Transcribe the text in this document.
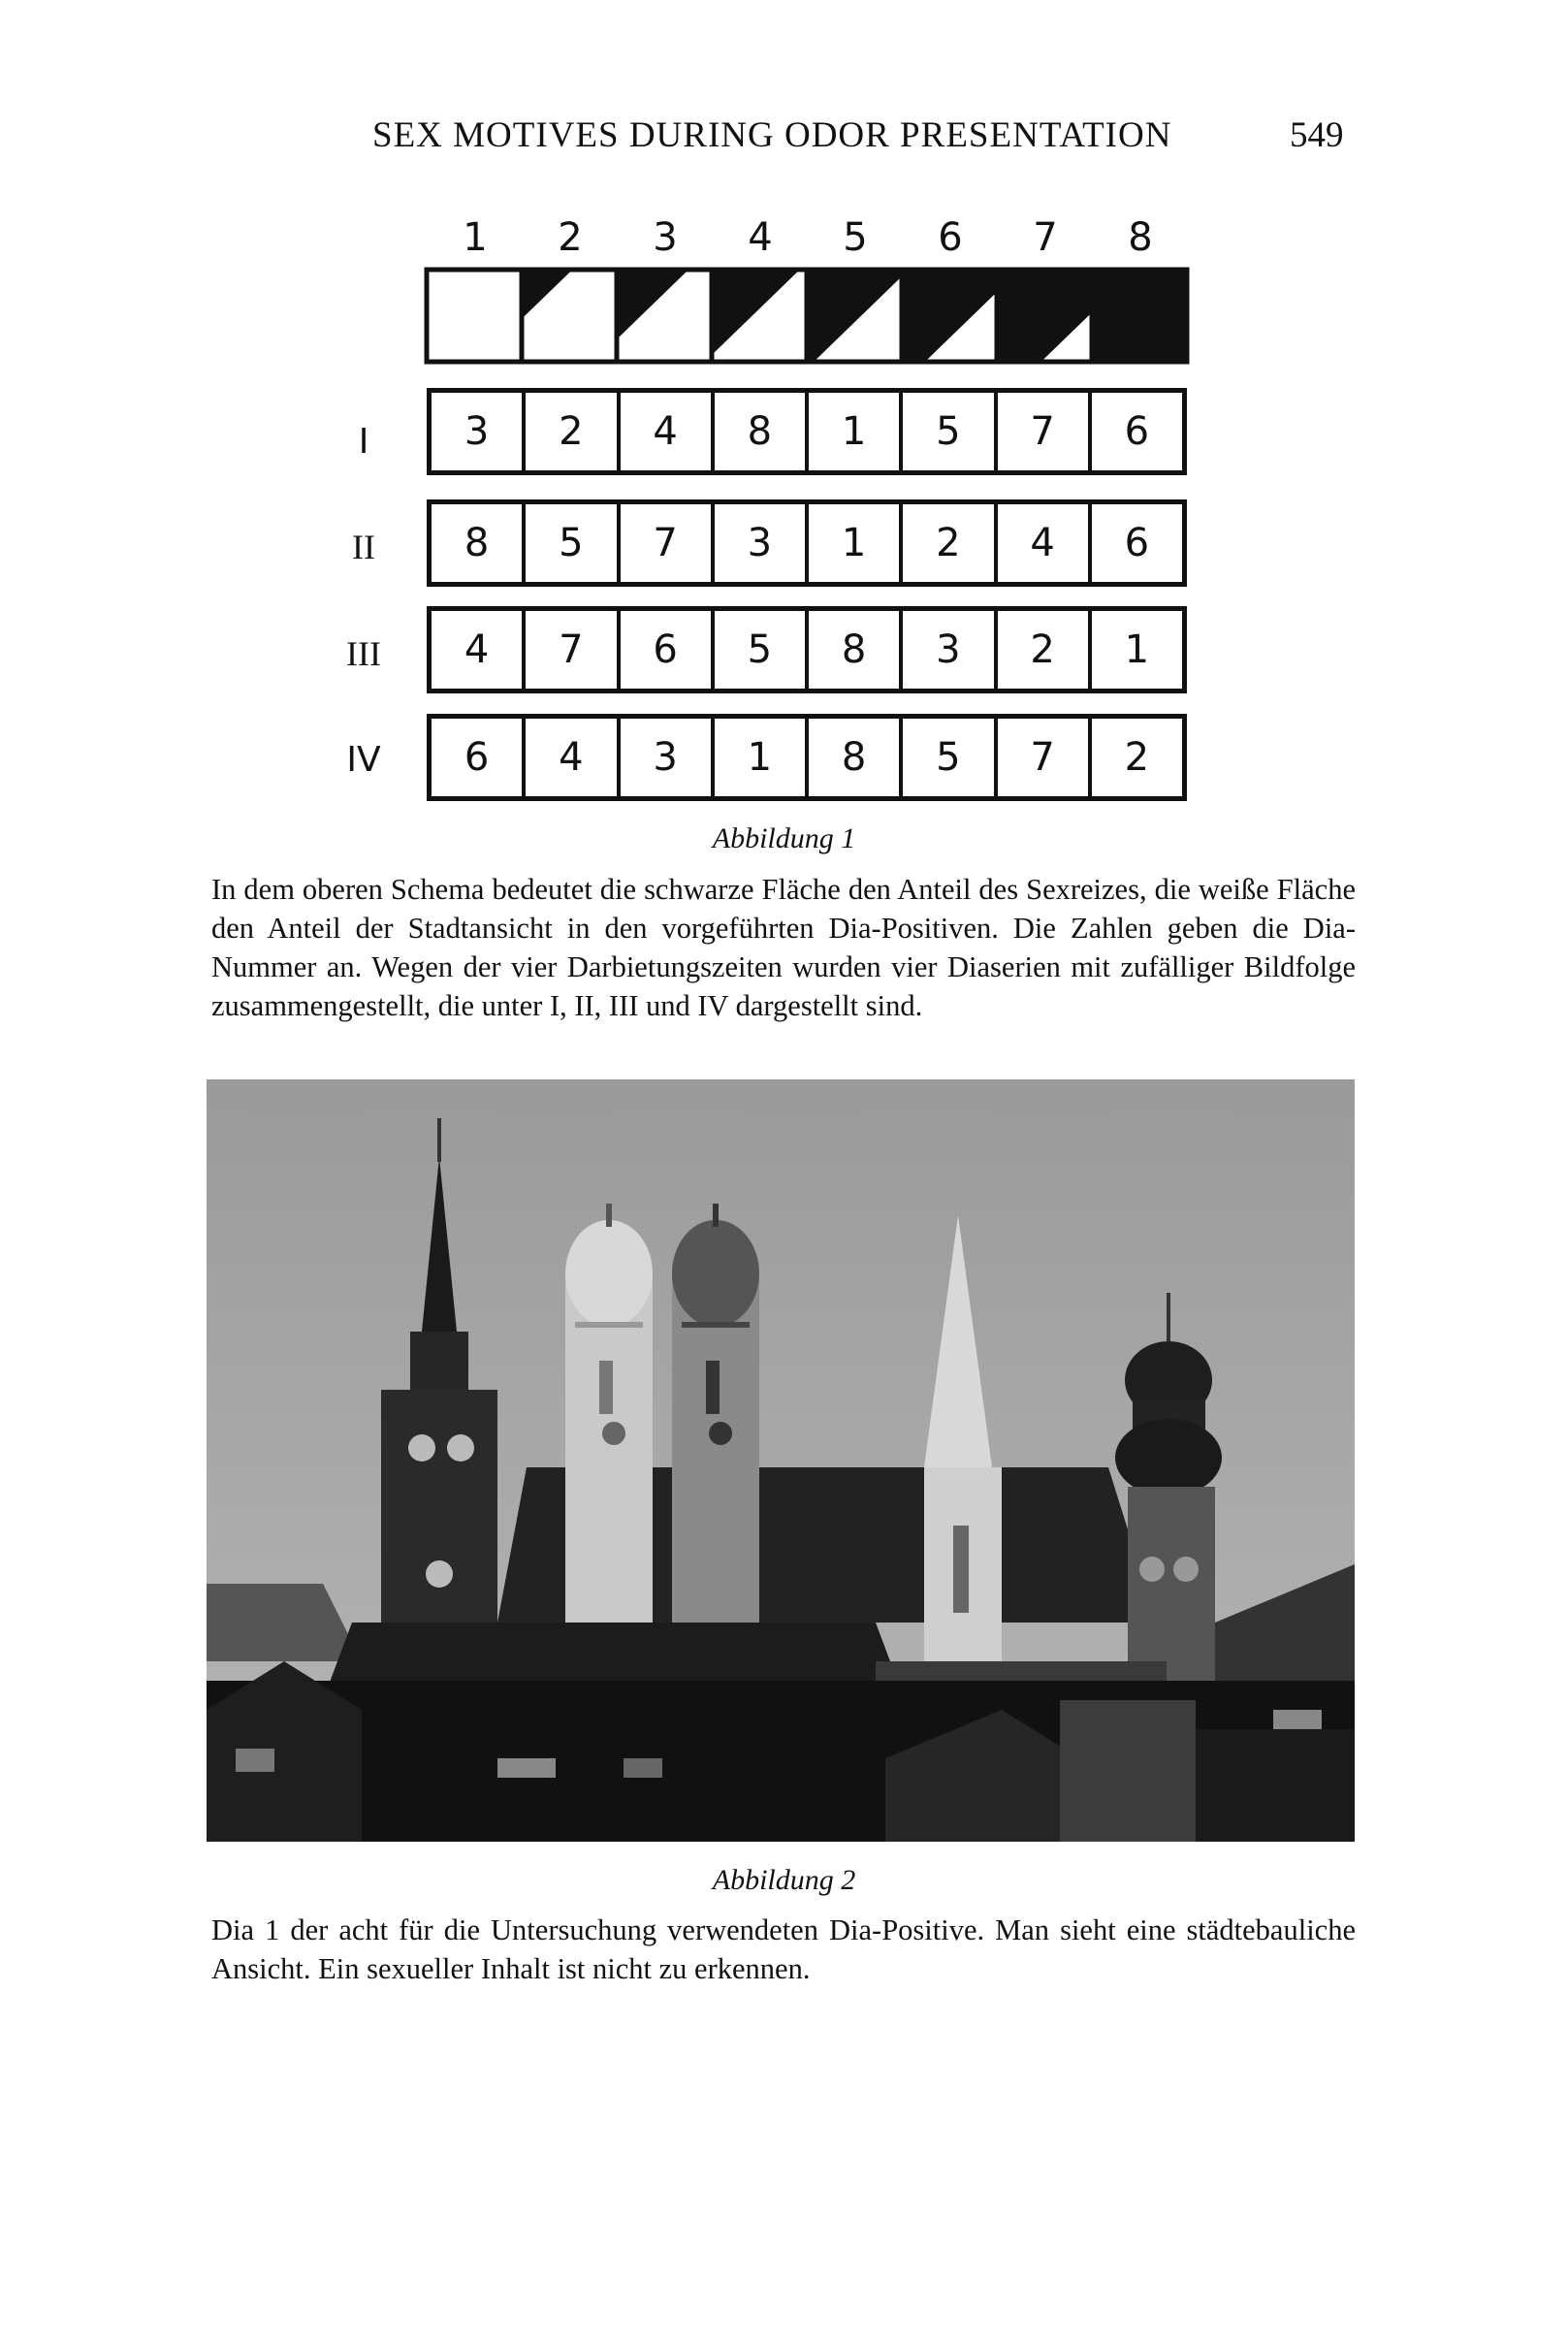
SEX MOTIVES DURING ODOR PRESENTATION	549
1	2	3	4	5	6	7	8
I	3	2	4	8	1	5	7	6
II	8	5	7	3	1	2	4	6
III	4	7	6	5	8	3	2	1
IV	6	4	3	1	8	5	7	2
Abbildung 1
In dem oberen Schema bedeutet die schwarze Fläche den Anteil des Sexreizes, die weiße Fläche den Anteil der Stadtansicht in den vorgeführten Dia-Positiven. Die Zahlen geben die Dia-Nummer an. Wegen der vier Darbietungszeiten wurden vier Diaserien mit zufälliger Bildfolge zusammengestellt, die unter I, II, III und IV dargestellt sind.
Abbildung 2
Dia 1 der acht für die Untersuchung verwendeten Dia-Positive. Man sieht eine städtebauliche Ansicht. Ein sexueller Inhalt ist nicht zu erkennen.
